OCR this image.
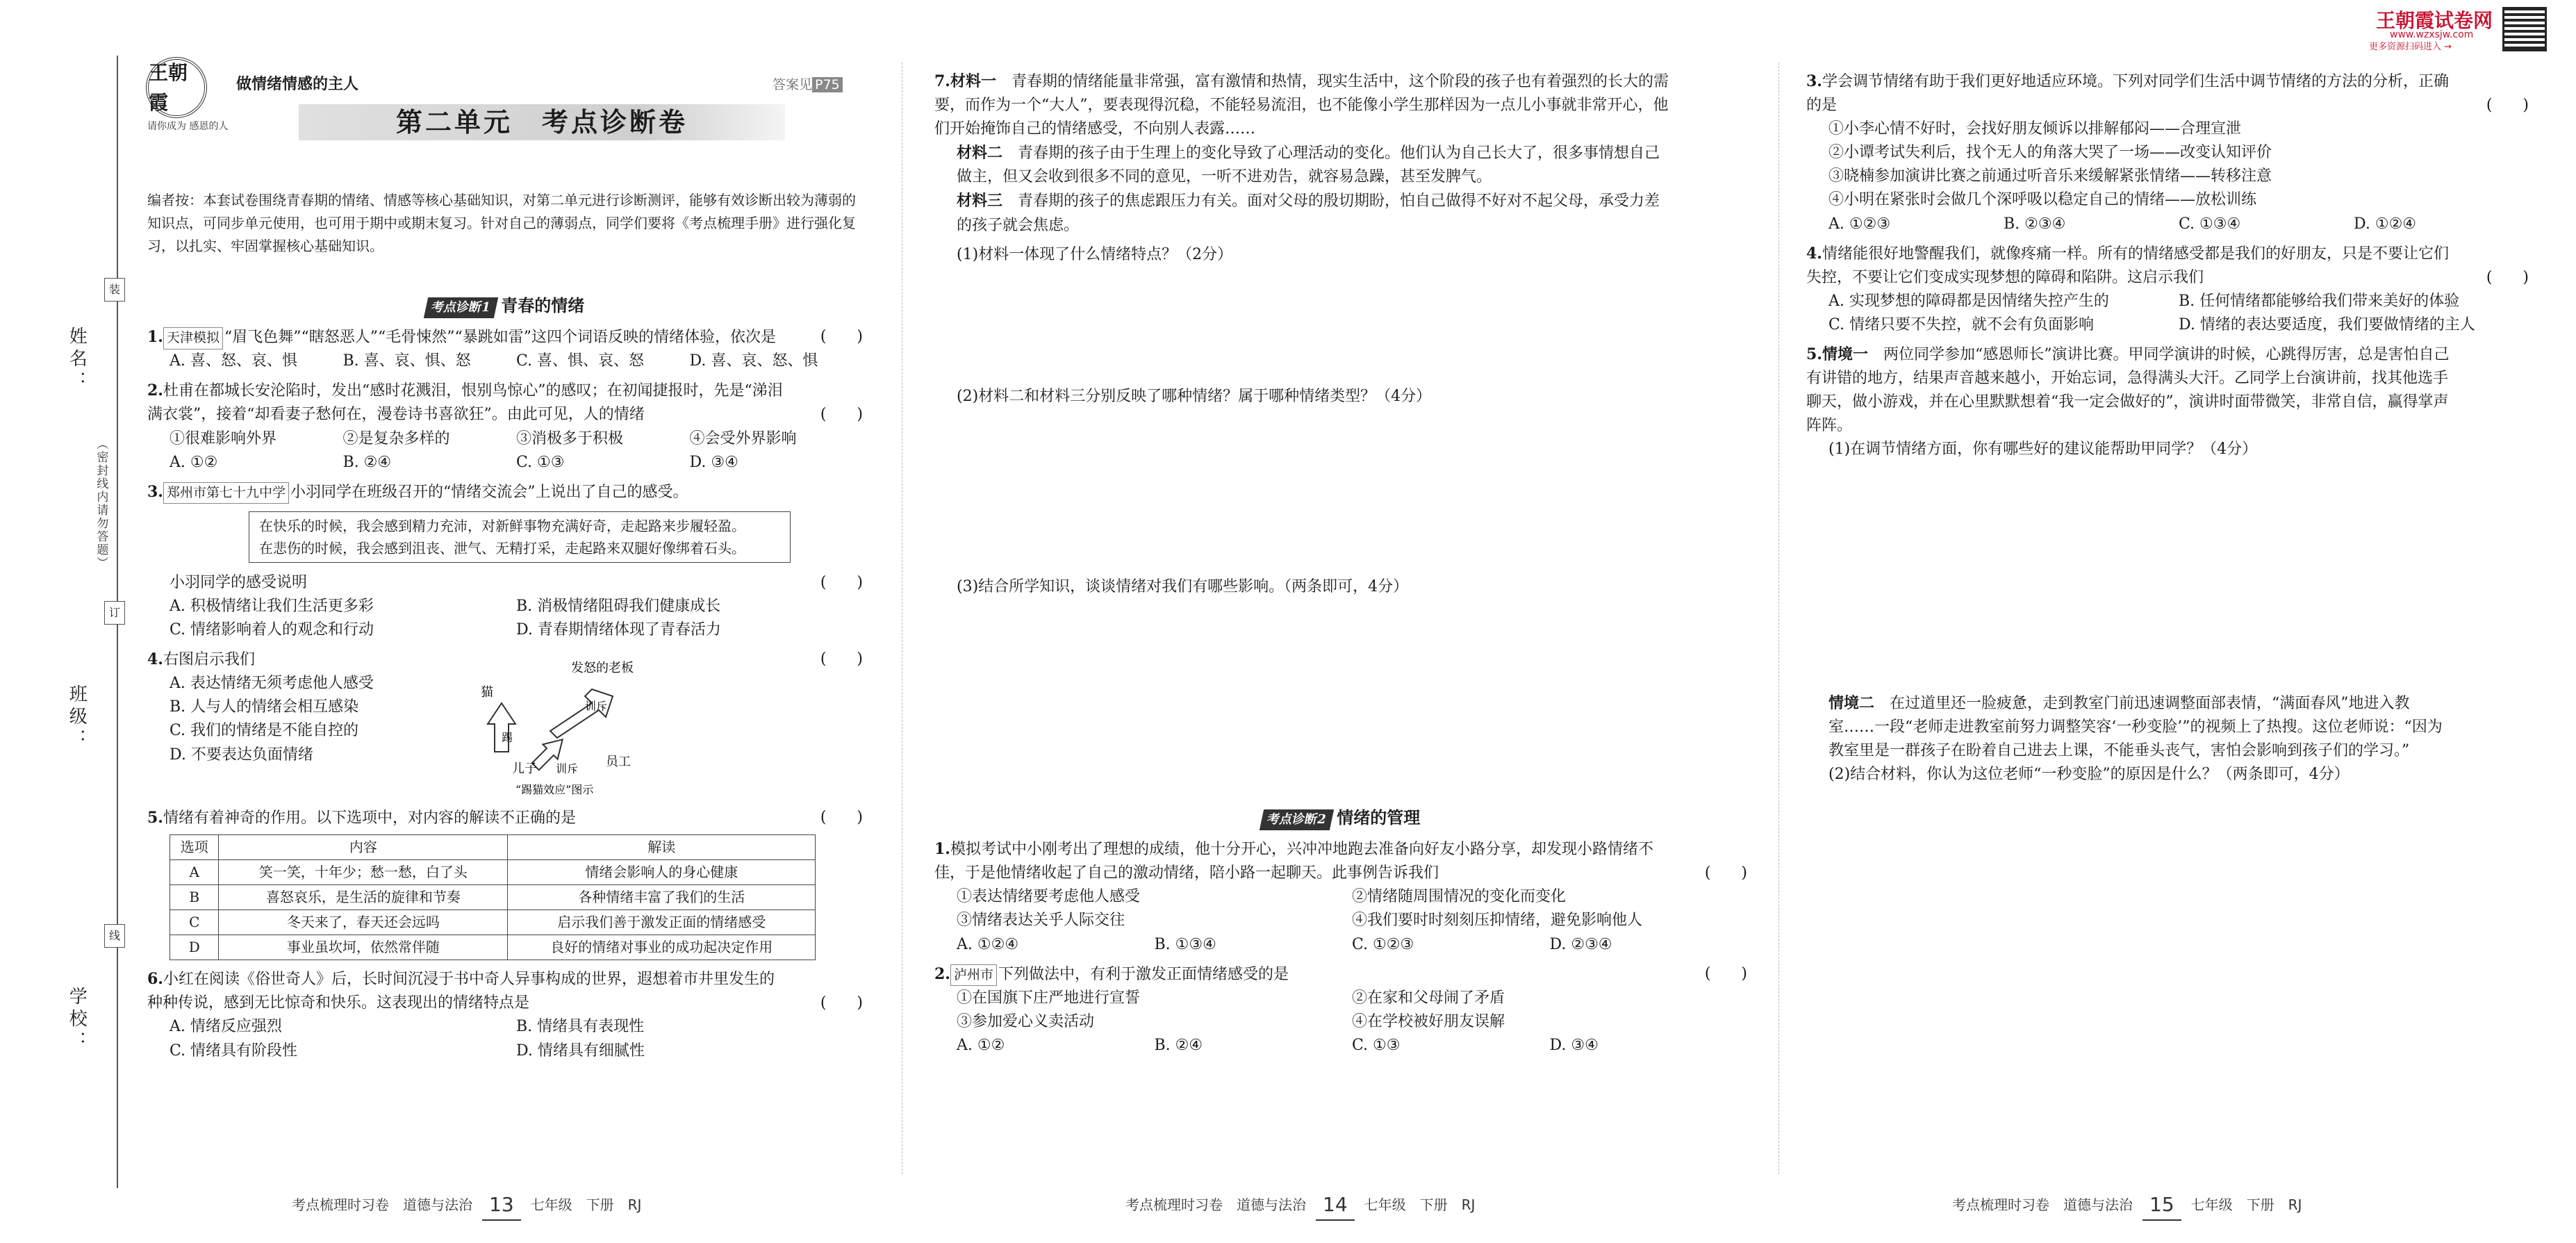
王朝霞试卷网
www.wzxsjw.com
更多资源扫码进入 →
姓名：
班级：
学校：
（密封线内请勿答题）
装
订
线
王朝霞
请你成为 感恩的人
做情绪情感的主人
第二单元　考点诊断卷
答案见 P75
编者按：本套试卷围绕青春期的情绪、情感等核心基础知识，对第二单元进行诊断测评，能够有效诊断出较为薄弱的知识点，可同步单元使用，也可用于期中或期末复习。针对自己的薄弱点，同学们要将《考点梳理手册》进行强化复习，以扎实、牢固掌握核心基础知识。
考点诊断1 青春的情绪
1. 天津模拟 “眉飞色舞”“瞎怒恶人”“毛骨悚然”“暴跳如雷”这四个词语反映的情绪体验，依次是	(　　)
A. 喜、怒、哀、惧	B. 喜、哀、惧、怒	C. 喜、惧、哀、怒	D. 喜、哀、怒、惧
2.杜甫在都城长安沦陷时，发出“感时花溅泪，恨别鸟惊心”的感叹；在初闻捷报时，先是“涕泪满衣裳”，接着“却看妻子愁何在，漫卷诗书喜欲狂”。由此可见，人的情绪	(　　)
①很难影响外界	②是复杂多样的	③消极多于积极	④会受外界影响
A. ①②	B. ②④	C. ①③	D. ③④
3. 郑州市第七十九中学 小羽同学在班级召开的“情绪交流会”上说出了自己的感受。
在快乐的时候，我会感到精力充沛，对新鲜事物充满好奇，走起路来步履轻盈。
在悲伤的时候，我会感到沮丧、泄气、无精打采，走起路来双腿好像绑着石头。
小羽同学的感受说明	(　　)
A. 积极情绪让我们生活更多彩	B. 消极情绪阻碍我们健康成长
C. 情绪影响着人的观念和行动	D. 青春期情绪体现了青春活力
4.右图启示我们	(　　)
A. 表达情绪无须考虑他人感受
B. 人与人的情绪会相互感染
C. 我们的情绪是不能自控的
D. 不要表达负面情绪
猫
发怒的老板
训斥
踢
儿子 训斥 员工
“踢猫效应”图示
5.情绪有着神奇的作用。以下选项中，对内容的解读不正确的是	(　　)
选项	内容	解读
A	笑一笑，十年少；愁一愁，白了头	情绪会影响人的身心健康
B	喜怒哀乐，是生活的旋律和节奏	各种情绪丰富了我们的生活
C	冬天来了，春天还会远吗	启示我们善于激发正面的情绪感受
D	事业虽坎坷，依然常伴随	良好的情绪对事业的成功起决定作用
6.小红在阅读《俗世奇人》后，长时间沉浸于书中奇人异事构成的世界，遐想着市井里发生的种种传说，感到无比惊奇和快乐。这表现出的情绪特点是	(　　)
A. 情绪反应强烈	B. 情绪具有表现性
C. 情绪具有阶段性	D. 情绪具有细腻性
7.材料一　 青春期的情绪能量非常强，富有激情和热情，现实生活中，这个阶段的孩子也有着强烈的长大的需要，而作为一个“大人”，要表现得沉稳，不能轻易流泪，也不能像小学生那样因为一点儿小事就非常开心，他们开始掩饰自己的情绪感受，不向别人表露……
材料二　 青春期的孩子由于生理上的变化导致了心理活动的变化。他们认为自己长大了，很多事情想自己做主，但又会收到很多不同的意见，一听不进劝告，就容易急躁，甚至发脾气。
材料三　 青春期的孩子的焦虑跟压力有关。面对父母的殷切期盼，怕自己做得不好对不起父母，承受力差的孩子就会焦虑。
(1)材料一体现了什么情绪特点？（2分）
(2)材料二和材料三分别反映了哪种情绪？属于哪种情绪类型？（4分）
(3)结合所学知识，谈谈情绪对我们有哪些影响。（两条即可，4分）
考点诊断2 情绪的管理
1.模拟考试中小刚考出了理想的成绩，他十分开心，兴冲冲地跑去准备向好友小路分享，却发现小路情绪不佳，于是他情绪收起了自己的激动情绪，陪小路一起聊天。此事例告诉我们	(　　)
①表达情绪要考虑他人感受	②情绪随周围情况的变化而变化
③情绪表达关乎人际交往	④我们要时时刻刻压抑情绪，避免影响他人
A. ①②④	B. ①③④	C. ①②③	D. ②③④
2. 泸州市 下列做法中，有利于激发正面情绪感受的是	(　　)
①在国旗下庄严地进行宣誓	②在家和父母闹了矛盾
③参加爱心义卖活动	④在学校被好朋友误解
A. ①②	B. ②④	C. ①③	D. ③④
3.学会调节情绪有助于我们更好地适应环境。下列对同学们生活中调节情绪的方法的分析，正确的是	(　　)
①小李心情不好时，会找好朋友倾诉以排解郁闷——合理宣泄
②小谭考试失利后，找个无人的角落大哭了一场——改变认知评价
③晓楠参加演讲比赛之前通过听音乐来缓解紧张情绪——转移注意
④小明在紧张时会做几个深呼吸以稳定自己的情绪——放松训练
A. ①②③	B. ②③④	C. ①③④	D. ①②④
4.情绪能很好地警醒我们，就像疼痛一样。所有的情绪感受都是我们的好朋友，只是不要让它们失控，不要让它们变成实现梦想的障碍和陷阱。这启示我们	(　　)
A. 实现梦想的障碍都是因情绪失控产生的	B. 任何情绪都能够给我们带来美好的体验
C. 情绪只要不失控，就不会有负面影响	D. 情绪的表达要适度，我们要做情绪的主人
5.情境一　 两位同学参加“感恩师长”演讲比赛。甲同学演讲的时候，心跳得厉害，总是害怕自己有讲错的地方，结果声音越来越小，开始忘词，急得满头大汗。乙同学上台演讲前，找其他选手聊天，做小游戏，并在心里默默想着“我一定会做好的”，演讲时面带微笑，非常自信，赢得掌声阵阵。
(1)在调节情绪方面，你有哪些好的建议能帮助甲同学？（4分）
情境二　 在过道里还一脸疲惫，走到教室门前迅速调整面部表情，“满面春风”地进入教室……一段“老师走进教室前努力调整笑容‘一秒变脸’”的视频上了热搜。这位老师说：“因为教室里是一群孩子在盼着自己进去上课，不能垂头丧气，害怕会影响到孩子们的学习。”
(2)结合材料，你认为这位老师“一秒变脸”的原因是什么？（两条即可，4分）
考点梳理时习卷　道德与法治 13	七年级　下册　RJ	考点梳理时习卷　道德与法治 14	七年级　下册　RJ	考点梳理时习卷　道德与法治 15	七年级　下册　RJ
